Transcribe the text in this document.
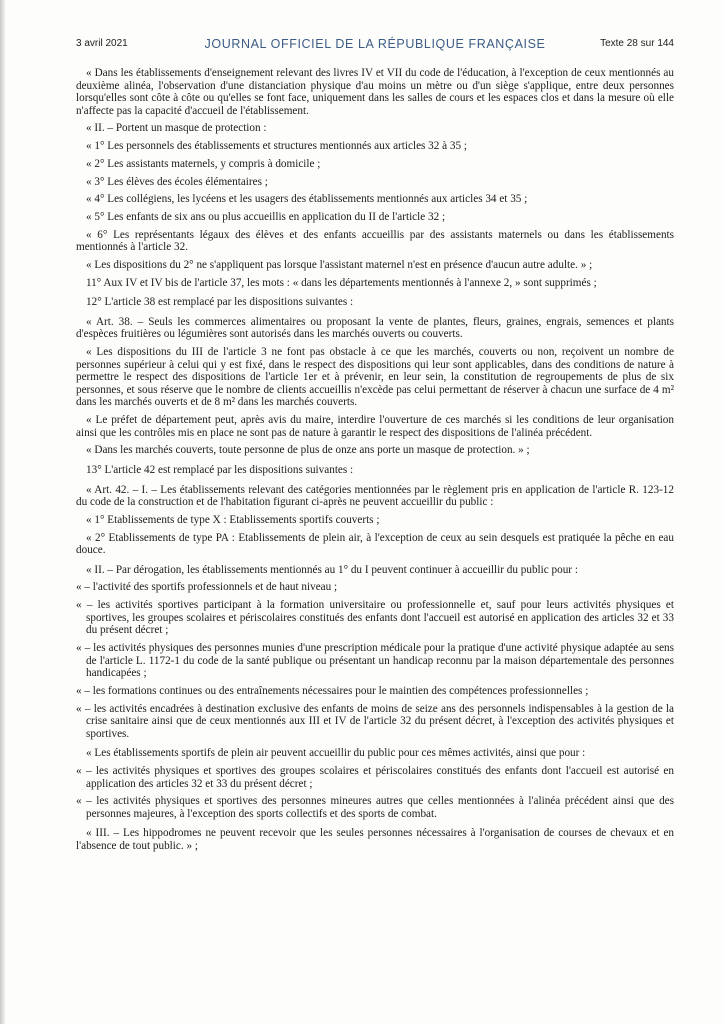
3 avril 2021	JOURNAL OFFICIEL DE LA RÉPUBLIQUE FRANÇAISE	Texte 28 sur 144

« Dans les établissements d'enseignement relevant des livres IV et VII du code de l'éducation, à l'exception de ceux mentionnés au deuxième alinéa, l'observation d'une distanciation physique d'au moins un mètre ou d'un siège s'applique, entre deux personnes lorsqu'elles sont côte à côte ou qu'elles se font face, uniquement dans les salles de cours et les espaces clos et dans la mesure où elle n'affecte pas la capacité d'accueil de l'établissement.

« II. – Portent un masque de protection :

« 1° Les personnels des établissements et structures mentionnés aux articles 32 à 35 ;

« 2° Les assistants maternels, y compris à domicile ;

« 3° Les élèves des écoles élémentaires ;

« 4° Les collégiens, les lycéens et les usagers des établissements mentionnés aux articles 34 et 35 ;

« 5° Les enfants de six ans ou plus accueillis en application du II de l'article 32 ;

« 6° Les représentants légaux des élèves et des enfants accueillis par des assistants maternels ou dans les établissements mentionnés à l'article 32.

« Les dispositions du 2° ne s'appliquent pas lorsque l'assistant maternel n'est en présence d'aucun autre adulte. » ;

11° Aux IV et IV bis de l'article 37, les mots : « dans les départements mentionnés à l'annexe 2, » sont supprimés ;

12° L'article 38 est remplacé par les dispositions suivantes :

« Art. 38. – Seuls les commerces alimentaires ou proposant la vente de plantes, fleurs, graines, engrais, semences et plants d'espèces fruitières ou légumières sont autorisés dans les marchés ouverts ou couverts.

« Les dispositions du III de l'article 3 ne font pas obstacle à ce que les marchés, couverts ou non, reçoivent un nombre de personnes supérieur à celui qui y est fixé, dans le respect des dispositions qui leur sont applicables, dans des conditions de nature à permettre le respect des dispositions de l'article 1er et à prévenir, en leur sein, la constitution de regroupements de plus de six personnes, et sous réserve que le nombre de clients accueillis n'excède pas celui permettant de réserver à chacun une surface de 4 m² dans les marchés ouverts et de 8 m² dans les marchés couverts.

« Le préfet de département peut, après avis du maire, interdire l'ouverture de ces marchés si les conditions de leur organisation ainsi que les contrôles mis en place ne sont pas de nature à garantir le respect des dispositions de l'alinéa précédent.

« Dans les marchés couverts, toute personne de plus de onze ans porte un masque de protection. » ;

13° L'article 42 est remplacé par les dispositions suivantes :

« Art. 42. – I. – Les établissements relevant des catégories mentionnées par le règlement pris en application de l'article R. 123-12 du code de la construction et de l'habitation figurant ci-après ne peuvent accueillir du public :

« 1° Etablissements de type X : Etablissements sportifs couverts ;

« 2° Etablissements de type PA : Etablissements de plein air, à l'exception de ceux au sein desquels est pratiquée la pêche en eau douce.

« II. – Par dérogation, les établissements mentionnés au 1° du I peuvent continuer à accueillir du public pour :

« – l'activité des sportifs professionnels et de haut niveau ;

« – les activités sportives participant à la formation universitaire ou professionnelle et, sauf pour leurs activités physiques et sportives, les groupes scolaires et périscolaires constitués des enfants dont l'accueil est autorisé en application des articles 32 et 33 du présent décret ;

« – les activités physiques des personnes munies d'une prescription médicale pour la pratique d'une activité physique adaptée au sens de l'article L. 1172-1 du code de la santé publique ou présentant un handicap reconnu par la maison départementale des personnes handicapées ;

« – les formations continues ou des entraînements nécessaires pour le maintien des compétences professionnelles ;

« – les activités encadrées à destination exclusive des enfants de moins de seize ans des personnels indispensables à la gestion de la crise sanitaire ainsi que de ceux mentionnés aux III et IV de l'article 32 du présent décret, à l'exception des activités physiques et sportives.

« Les établissements sportifs de plein air peuvent accueillir du public pour ces mêmes activités, ainsi que pour :

« – les activités physiques et sportives des groupes scolaires et périscolaires constitués des enfants dont l'accueil est autorisé en application des articles 32 et 33 du présent décret ;

« – les activités physiques et sportives des personnes mineures autres que celles mentionnées à l'alinéa précédent ainsi que des personnes majeures, à l'exception des sports collectifs et des sports de combat.

« III. – Les hippodromes ne peuvent recevoir que les seules personnes nécessaires à l'organisation de courses de chevaux et en l'absence de tout public. » ;
